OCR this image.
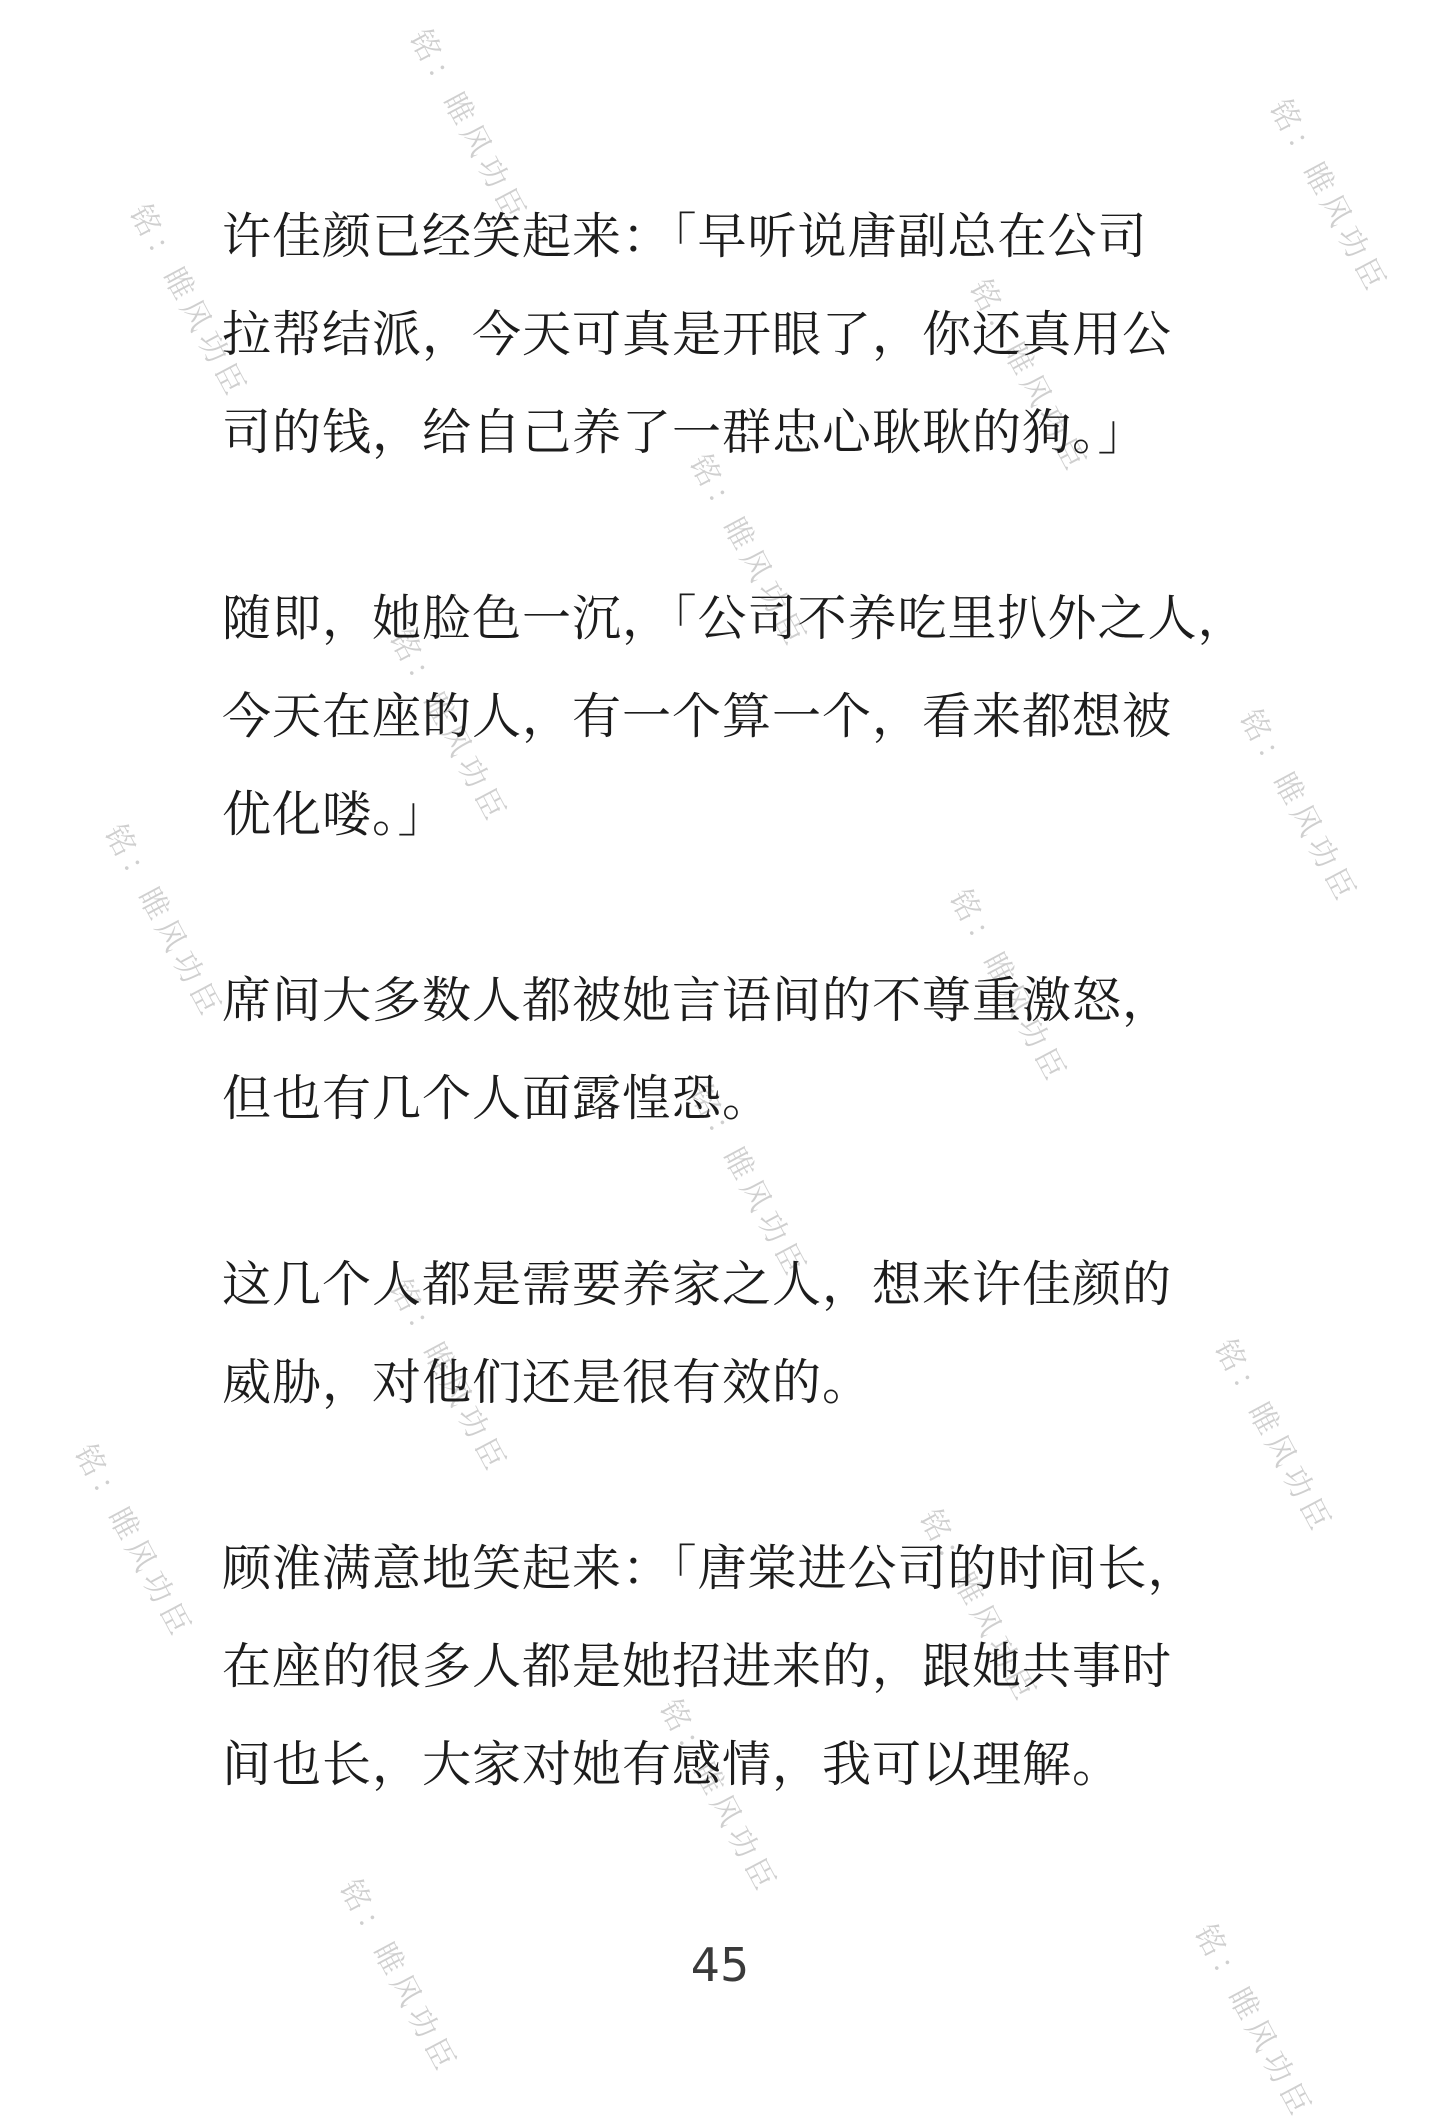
铭：睢风功臣	铭：睢风功臣
铭：睢风功臣	铭：睢风功臣
铭：睢风功臣
铭：睢风功臣	铭：睢风功臣
铭：睢风功臣	铭：睢风功臣
铭：睢风功臣
铭：睢风功臣	铭：睢风功臣
铭：睢风功臣	铭：睢风功臣
铭：睢风功臣
铭：睢风功臣	铭：睢风功臣

许佳颜已经笑起来：「早听说唐副总在公司
拉帮结派，今天可真是开眼了，你还真用公
司的钱，给自己养了一群忠心耿耿的狗。」

随即，她脸色一沉，「公司不养吃里扒外之人，
今天在座的人，有一个算一个，看来都想被
优化喽。」

席间大多数人都被她言语间的不尊重激怒，
但也有几个人面露惶恐。

这几个人都是需要养家之人，想来许佳颜的
威胁，对他们还是很有效的。

顾淮满意地笑起来：「唐棠进公司的时间长，
在座的很多人都是她招进来的，跟她共事时
间也长，大家对她有感情，我可以理解。

45
